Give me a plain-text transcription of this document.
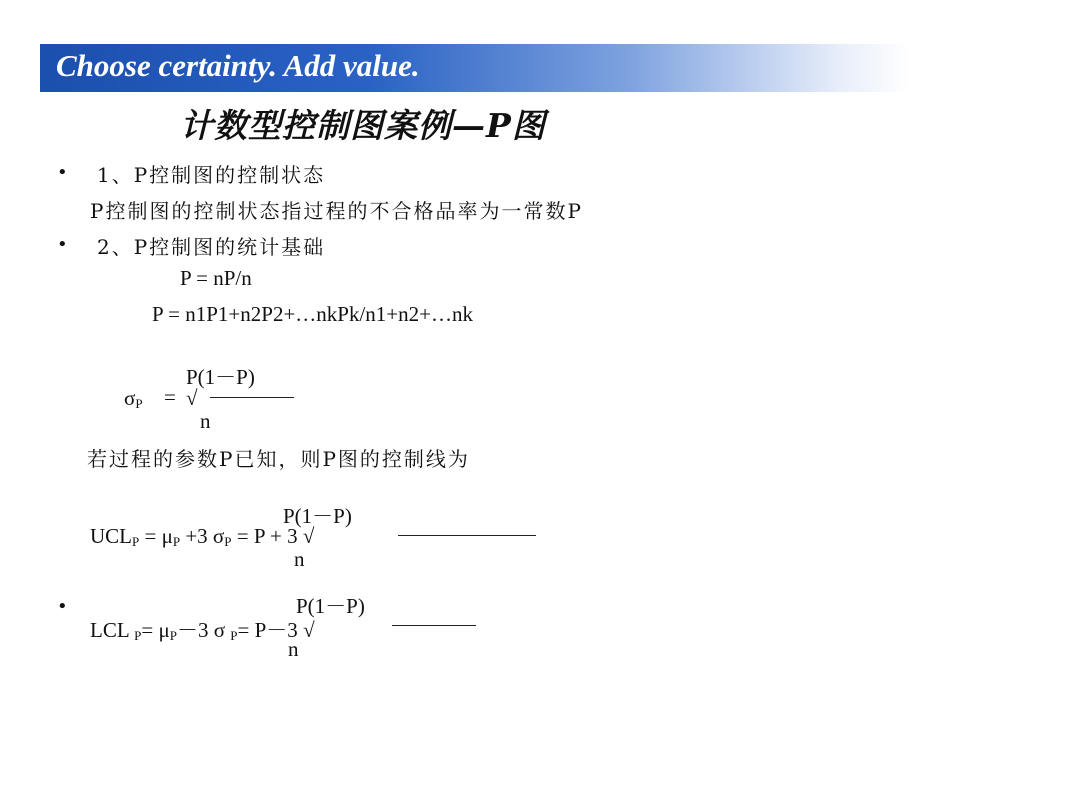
Choose certainty. Add value.
计数型控制图案例—P图
• 1、P控制图的控制状态
P控制图的控制状态指过程的不合格品率为一常数P
• 2、P控制图的统计基础
P = nP/n
P = n1P1+n2P2+…nkPk/n1+n2+…nk
P(1－P)
$\sigma_P$ = √
n
若过程的参数P已知，则P图的控制线为
P(1－P)
$UCL_P = \mu_P +3$ $\sigma_P = P + 3$ √
n
•	P(1－P)
LCL $_P= \mu_P-3$ σ $_P$= P－3 √
n
